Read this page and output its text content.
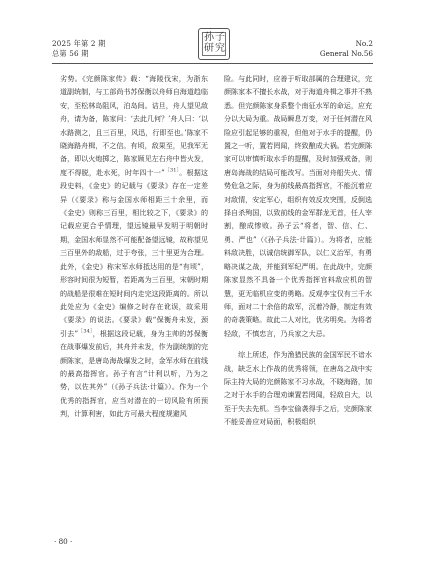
2025 年第 2 期
总第 56 期
孙 子
研 究	No.2
General No.56

劣势。《完颜陈家传》载：“海陵伐宋，为浙东道副统制，与工部尚书苏保衡以舟师自海道趋临安，至松林岛阻风，泊岛间。诘旦，舟人望见敌舟，请为备，陈家问：‘去此几何？’舟人曰：‘以水路测之，且三百里，风迅，行即至也。’陈家不晓海路舟楫，不之信。有顷，敌果至，见我军无备，即以火炮掷之，陈家顾见左右舟中皆火发，度不得脱，赴水死，时年四十一”$^{[31]}$。根据这段史料，《金史》的记载与《要录》存在一定差异（《要录》称与金国水师相距三十余里，而《金史》则称三百里，相比较之下，《要录》的记载应更合乎情理，望远镜最早发明于明朝时期，金国水师显然不可能配备望远镜，故称望见三百里外的敌船，过于夸张，三十里更为合理。此外，《金史》称宋军水师抵达用的是“有顷”，形容时间很为短暂，若距离为三百里，宋朝时期的战船是很难在短时间内走完这段距离的。所以此处应为《金史》编修之时存在讹误，故采用《要录》的说法。《要录》载“保衡舟未发，颈引去”$^{[34]}$，根据这段记载，身为主帅的苏保衡在战事爆发前后，其舟并未发，作为副统制的完颜陈家，是唐岛海战爆发之时，金军水师在前线的最高指挥官。孙子有言“计利以听，乃为之势，以佐其外”（《孙子兵法·计篇》）。作为一个优秀的指挥官，应当对潜在的一切风险有所预判，计算利害，如此方可最大程度规避风

险。与此同时，应善于听取部属的合理建议，完颜陈家本不擅长水战，对于海道舟楫之事并不熟悉。但完颜陈家身系整个南征水军的命运，应充分以大局为重。战局瞬息万变，对于任何潜在风险应引起足够的重视，但他对于水手的提醒，仍置之一听，置若罔闻，终致酿成大祸。若完颜陈家可以审慎听取水手的提醒，及时加强戒备，则唐岛海战的结局可能改写。当面对舟船失火、情势危急之际，身为前线最高指挥官，不能沉着应对敌情，安定军心，组织有效反攻突围，反倒选择自杀殉国，以致前线的金军群龙无首，任人宰割，酿成惨败。孙子云“将者，智、信、仁、勇、严也”（《孙子兵法·计篇》）。为将者，应能料敌决胜，以诚信统御军队，以仁义治军，有勇略决谋之战，并能到军纪严明。在此战中，完颜陈家显然不具备一个优秀指挥官料敌应机的智慧，更无临机应变的勇略。反观李宝仅有三千水师，面对二十余倍的敌军，沉着冷静，制定有效的奇袭策略。故此二人对比，优劣明矣。为将者轻敌，不慎忠言，乃兵家之大忌。

综上所述，作为渔猎民族的金国军民不谙水战，缺乏水上作战的优秀将领，在唐岛之战中实际主持大局的完颜陈家不习水战，不晓海路，加之对于水手的合理劝谏置若罔闻，轻敌自大，以至于失去先机。当李宝偷袭得手之后，完颜陈家不能妥善应对局面，积极组织

· 80 ·
